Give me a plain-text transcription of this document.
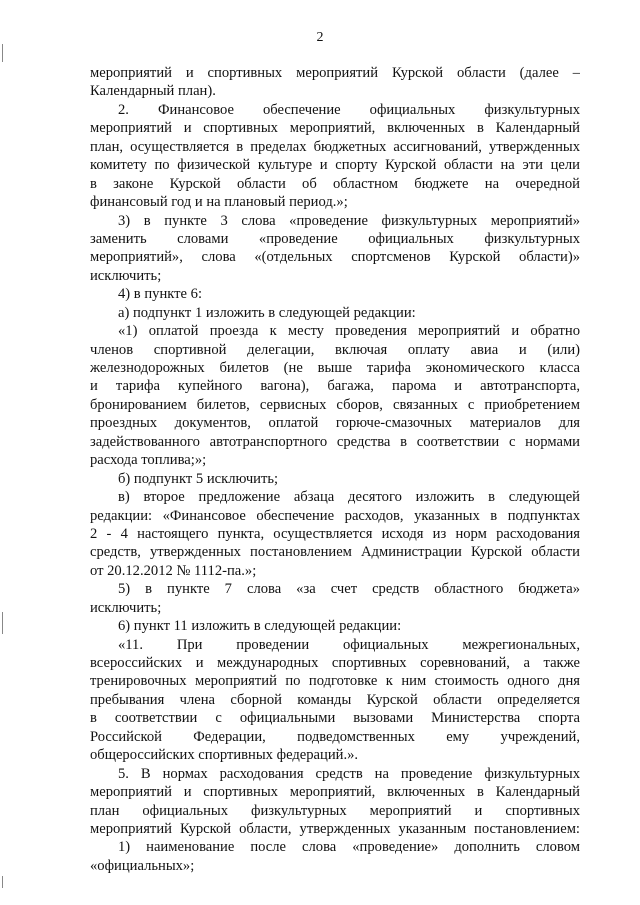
2
мероприятий и спортивных мероприятий Курской области (далее –
Календарный план).
2. Финансовое обеспечение официальных физкультурных
мероприятий и спортивных мероприятий, включенных в Календарный
план, осуществляется в пределах бюджетных ассигнований, утвержденных
комитету по физической культуре и спорту Курской области на эти цели
в законе Курской области об областном бюджете на очередной
финансовый год и на плановый период.»;
3) в пункте 3 слова «проведение физкультурных мероприятий»
заменить словами «проведение официальных физкультурных
мероприятий», слова «(отдельных спортсменов Курской области)»
исключить;
4) в пункте 6:
а) подпункт 1 изложить в следующей редакции:
«1) оплатой проезда к месту проведения мероприятий и обратно
членов спортивной делегации, включая оплату авиа и (или)
железнодорожных билетов (не выше тарифа экономического класса
и тарифа купейного вагона), багажа, парома и автотранспорта,
бронированием билетов, сервисных сборов, связанных с приобретением
проездных документов, оплатой горюче-смазочных материалов для
задействованного автотранспортного средства в соответствии с нормами
расхода топлива;»;
б) подпункт 5 исключить;
в) второе предложение абзаца десятого изложить в следующей
редакции: «Финансовое обеспечение расходов, указанных в подпунктах
2 - 4 настоящего пункта, осуществляется исходя из норм расходования
средств, утвержденных постановлением Администрации Курской области
от 20.12.2012 № 1112-па.»;
5) в пункте 7 слова «за счет средств областного бюджета»
исключить;
6) пункт 11 изложить в следующей редакции:
«11. При проведении официальных межрегиональных,
всероссийских и международных спортивных соревнований, а также
тренировочных мероприятий по подготовке к ним стоимость одного дня
пребывания члена сборной команды Курской области определяется
в соответствии с официальными вызовами Министерства спорта
Российской Федерации, подведомственных ему учреждений,
общероссийских спортивных федераций.».
5. В нормах расходования средств на проведение физкультурных
мероприятий и спортивных мероприятий, включенных в Календарный
план официальных физкультурных мероприятий и спортивных
мероприятий Курской области, утвержденных указанным постановлением:
1) наименование после слова «проведение» дополнить словом
«официальных»;
